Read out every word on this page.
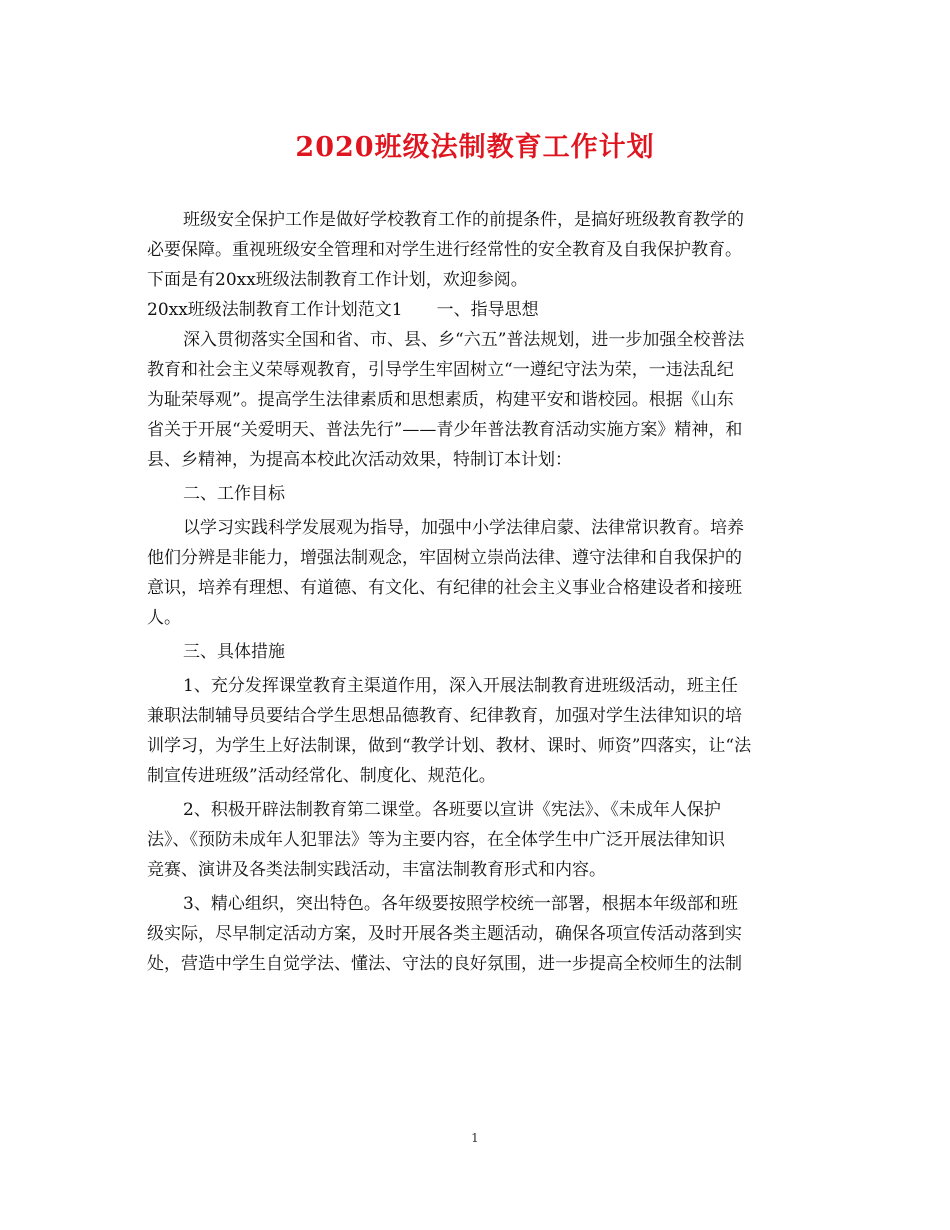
2020班级法制教育工作计划
班级安全保护工作是做好学校教育工作的前提条件，是搞好班级教育教学的
必要保障。重视班级安全管理和对学生进行经常性的安全教育及自我保护教育。
下面是有20xx班级法制教育工作计划，欢迎参阅。
20xx班级法制教育工作计划范文1　　一、指导思想
深入贯彻落实全国和省、市、县、乡“六五”普法规划，进一步加强全校普法
教育和社会主义荣辱观教育，引导学生牢固树立“一遵纪守法为荣，一违法乱纪
为耻荣辱观”。提高学生法律素质和思想素质，构建平安和谐校园。根据《山东
省关于开展“关爱明天、普法先行”——青少年普法教育活动实施方案》精神，和
县、乡精神，为提高本校此次活动效果，特制订本计划：
二、工作目标
以学习实践科学发展观为指导，加强中小学法律启蒙、法律常识教育。培养
他们分辨是非能力，增强法制观念，牢固树立崇尚法律、遵守法律和自我保护的
意识，培养有理想、有道德、有文化、有纪律的社会主义事业合格建设者和接班
人。
三、具体措施
1、充分发挥课堂教育主渠道作用，深入开展法制教育进班级活动，班主任
兼职法制辅导员要结合学生思想品德教育、纪律教育，加强对学生法律知识的培
训学习，为学生上好法制课，做到“教学计划、教材、课时、师资”四落实，让“法
制宣传进班级”活动经常化、制度化、规范化。
2、积极开辟法制教育第二课堂。各班要以宣讲《宪法》、《未成年人保护
法》、《预防未成年人犯罪法》等为主要内容，在全体学生中广泛开展法律知识
竞赛、演讲及各类法制实践活动，丰富法制教育形式和内容。
3、精心组织，突出特色。各年级要按照学校统一部署，根据本年级部和班
级实际，尽早制定活动方案，及时开展各类主题活动，确保各项宣传活动落到实
处，营造中学生自觉学法、懂法、守法的良好氛围，进一步提高全校师生的法制
1
